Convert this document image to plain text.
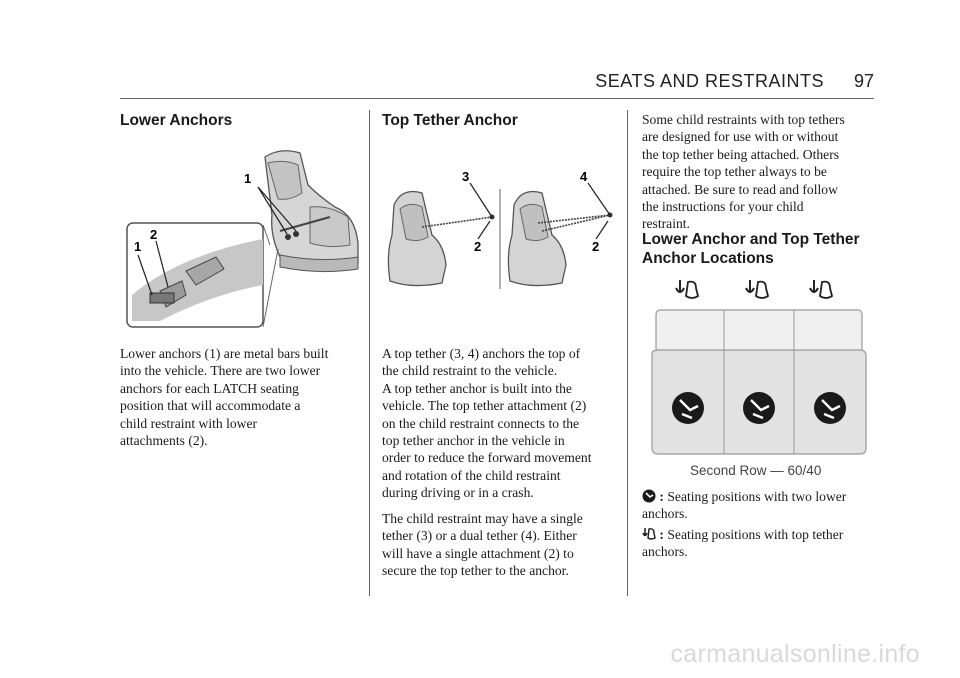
SEATS AND RESTRAINTS 97
Lower Anchors
1
2
1

Lower anchors (1) are metal bars built
into the vehicle. There are two lower
anchors for each LATCH seating
position that will accommodate a
child restraint with lower
attachments (2).

Top Tether Anchor
3
2
4
2

A top tether (3, 4) anchors the top of
the child restraint to the vehicle.
A top tether anchor is built into the
vehicle. The top tether attachment (2)
on the child restraint connects to the
top tether anchor in the vehicle in
order to reduce the forward movement
and rotation of the child restraint
during driving or in a crash.

The child restraint may have a single
tether (3) or a dual tether (4). Either
will have a single attachment (2) to
secure the top tether to the anchor.

Some child restraints with top tethers
are designed for use with or without
the top tether being attached. Others
require the top tether always to be
attached. Be sure to read and follow
the instructions for your child
restraint.

Lower Anchor and Top Tether
Anchor Locations
Second Row — 60/40
: Seating positions with two lower
anchors.
: Seating positions with top tether
anchors.
carmanualsonline.info
